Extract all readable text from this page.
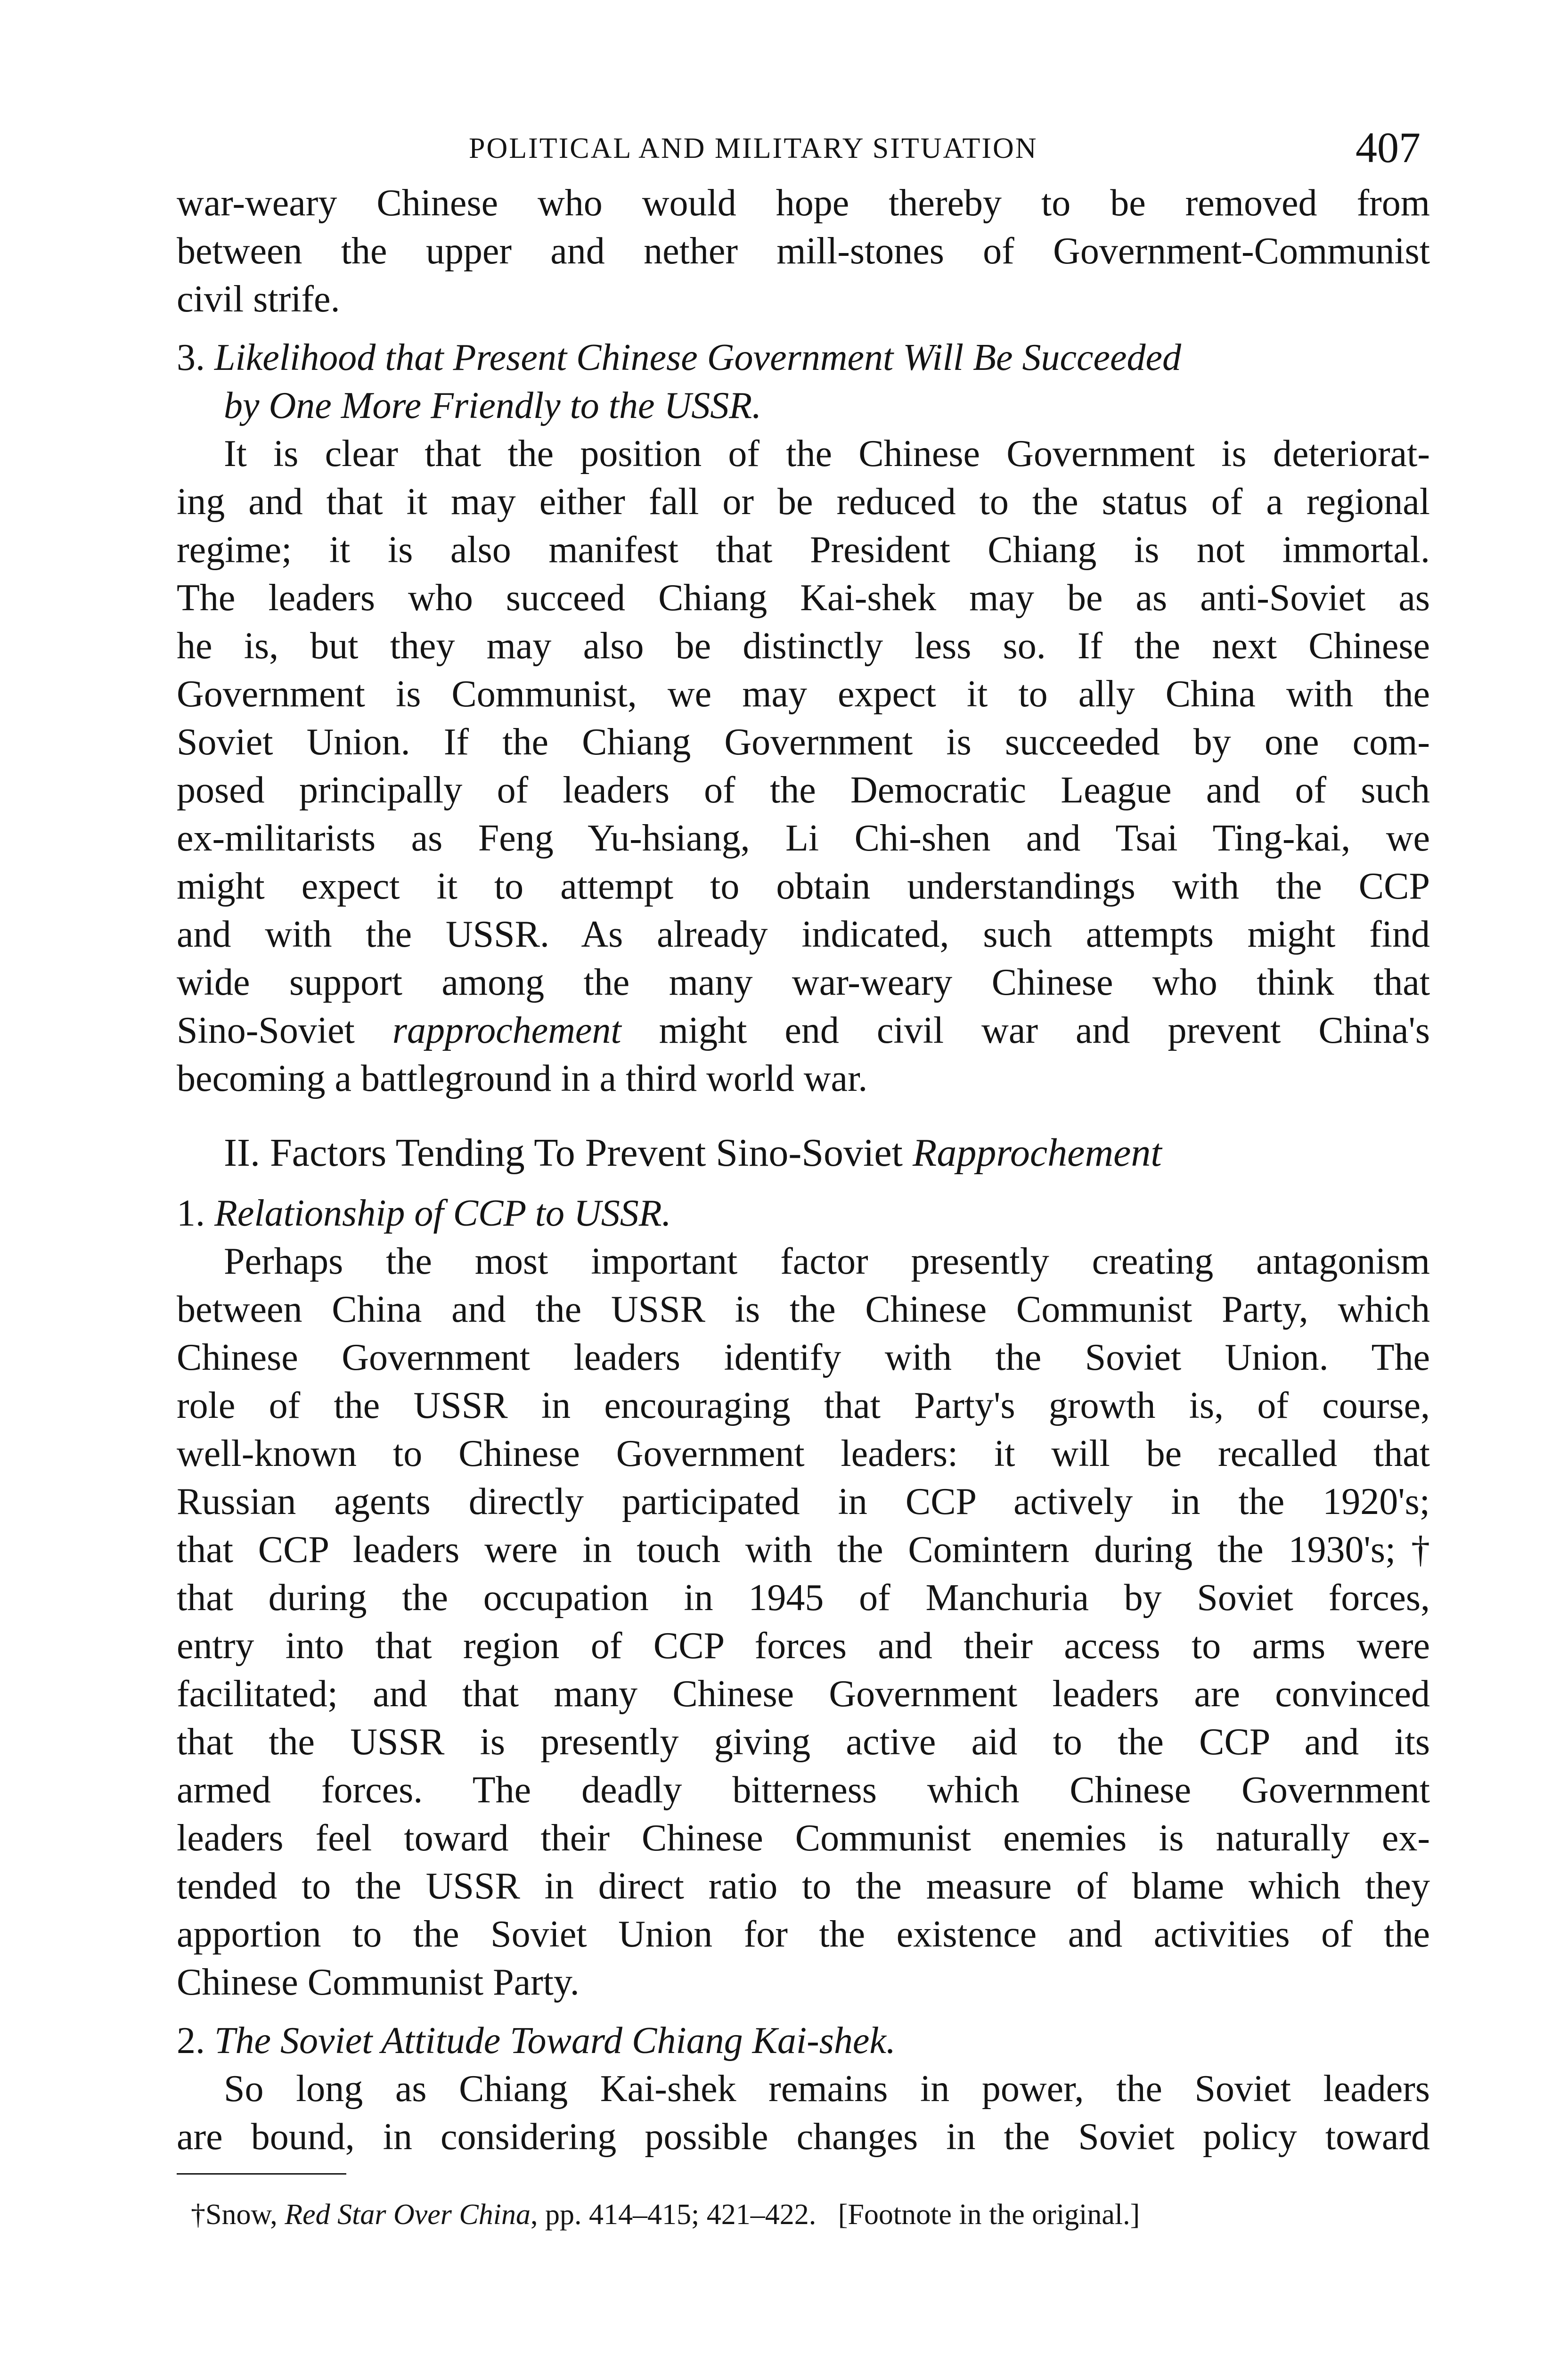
POLITICAL AND MILITARY SITUATION	407
war-weary Chinese who would hope thereby to be removed from
between the upper and nether mill-stones of Government-Communist
civil strife.
3. Likelihood that Present Chinese Government Will Be Succeeded
by One More Friendly to the USSR.
It is clear that the position of the Chinese Government is deteriorat-
ing and that it may either fall or be reduced to the status of a regional
regime; it is also manifest that President Chiang is not immortal.
The leaders who succeed Chiang Kai-shek may be as anti-Soviet as
he is, but they may also be distinctly less so. If the next Chinese
Government is Communist, we may expect it to ally China with the
Soviet Union. If the Chiang Government is succeeded by one com-
posed principally of leaders of the Democratic League and of such
ex-militarists as Feng Yu-hsiang, Li Chi-shen and Tsai Ting-kai, we
might expect it to attempt to obtain understandings with the CCP
and with the USSR. As already indicated, such attempts might find
wide support among the many war-weary Chinese who think that
Sino-Soviet rapprochement might end civil war and prevent China's
becoming a battleground in a third world war.
II. Factors Tending To Prevent Sino-Soviet Rapprochement
1. Relationship of CCP to USSR.
Perhaps the most important factor presently creating antagonism
between China and the USSR is the Chinese Communist Party, which
Chinese Government leaders identify with the Soviet Union. The
role of the USSR in encouraging that Party's growth is, of course,
well-known to Chinese Government leaders: it will be recalled that
Russian agents directly participated in CCP actively in the 1920's;
that CCP leaders were in touch with the Comintern during the 1930's;†
that during the occupation in 1945 of Manchuria by Soviet forces,
entry into that region of CCP forces and their access to arms were
facilitated; and that many Chinese Government leaders are convinced
that the USSR is presently giving active aid to the CCP and its
armed forces. The deadly bitterness which Chinese Government
leaders feel toward their Chinese Communist enemies is naturally ex-
tended to the USSR in direct ratio to the measure of blame which they
apportion to the Soviet Union for the existence and activities of the
Chinese Communist Party.
2. The Soviet Attitude Toward Chiang Kai-shek.
So long as Chiang Kai-shek remains in power, the Soviet leaders
are bound, in considering possible changes in the Soviet policy toward
†Snow, Red Star Over China, pp. 414–415; 421–422. [Footnote in the original.]
